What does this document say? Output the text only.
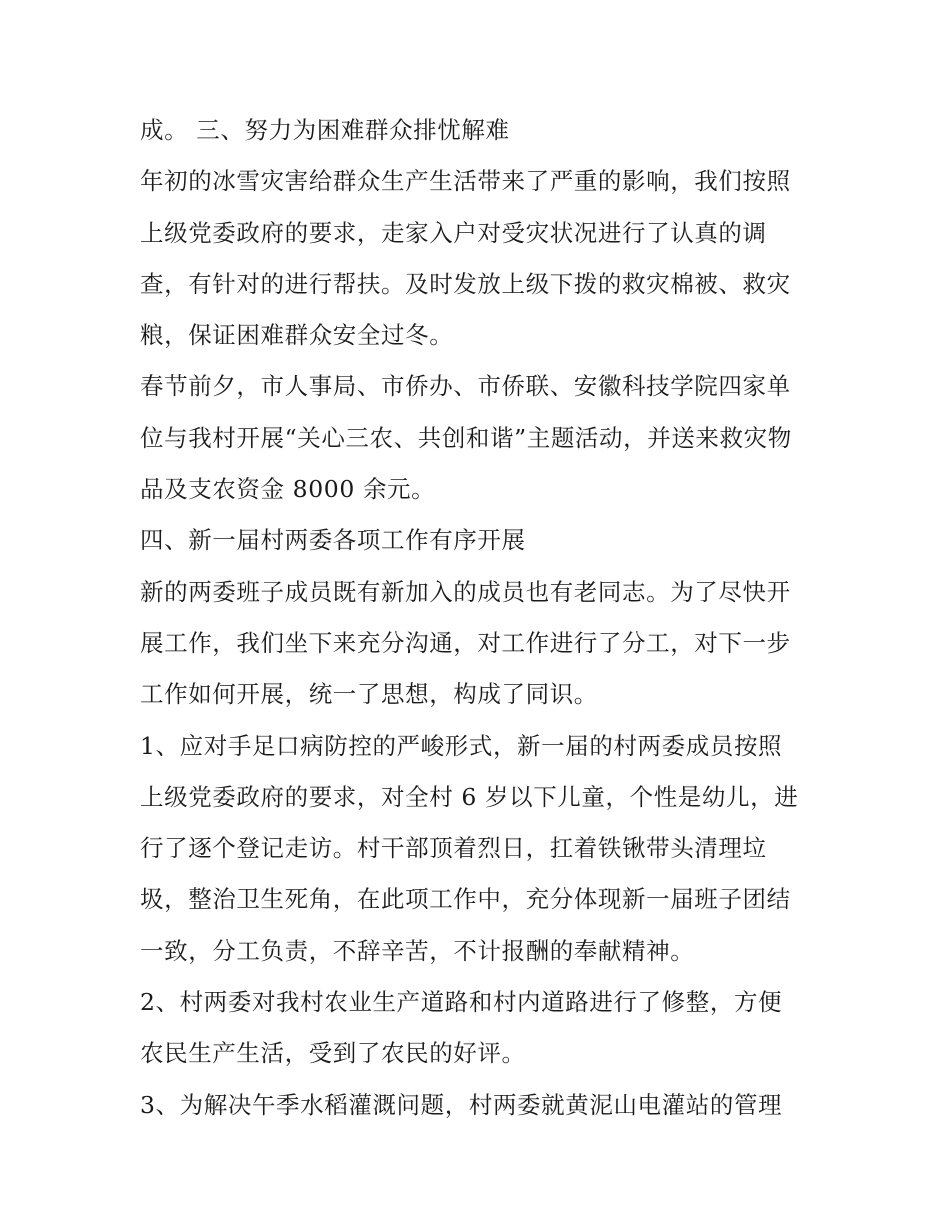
成。 三、努力为困难群众排忧解难
年初的冰雪灾害给群众生产生活带来了严重的影响，我们按照
上级党委政府的要求，走家入户对受灾状况进行了认真的调
查，有针对的进行帮扶。及时发放上级下拨的救灾棉被、救灾
粮，保证困难群众安全过冬。
春节前夕，市人事局、市侨办、市侨联、安徽科技学院四家单
位与我村开展“关心三农、共创和谐”主题活动，并送来救灾物
品及支农资金 8000 余元。
四、新一届村两委各项工作有序开展
新的两委班子成员既有新加入的成员也有老同志。为了尽快开
展工作，我们坐下来充分沟通，对工作进行了分工，对下一步
工作如何开展，统一了思想，构成了同识。
1、应对手足口病防控的严峻形式，新一届的村两委成员按照
上级党委政府的要求，对全村 6 岁以下儿童，个性是幼儿，进
行了逐个登记走访。村干部顶着烈日，扛着铁锹带头清理垃
圾，整治卫生死角，在此项工作中，充分体现新一届班子团结
一致，分工负责，不辞辛苦，不计报酬的奉献精神。
2、村两委对我村农业生产道路和村内道路进行了修整，方便
农民生产生活，受到了农民的好评。
3、为解决午季水稻灌溉问题，村两委就黄泥山电灌站的管理
